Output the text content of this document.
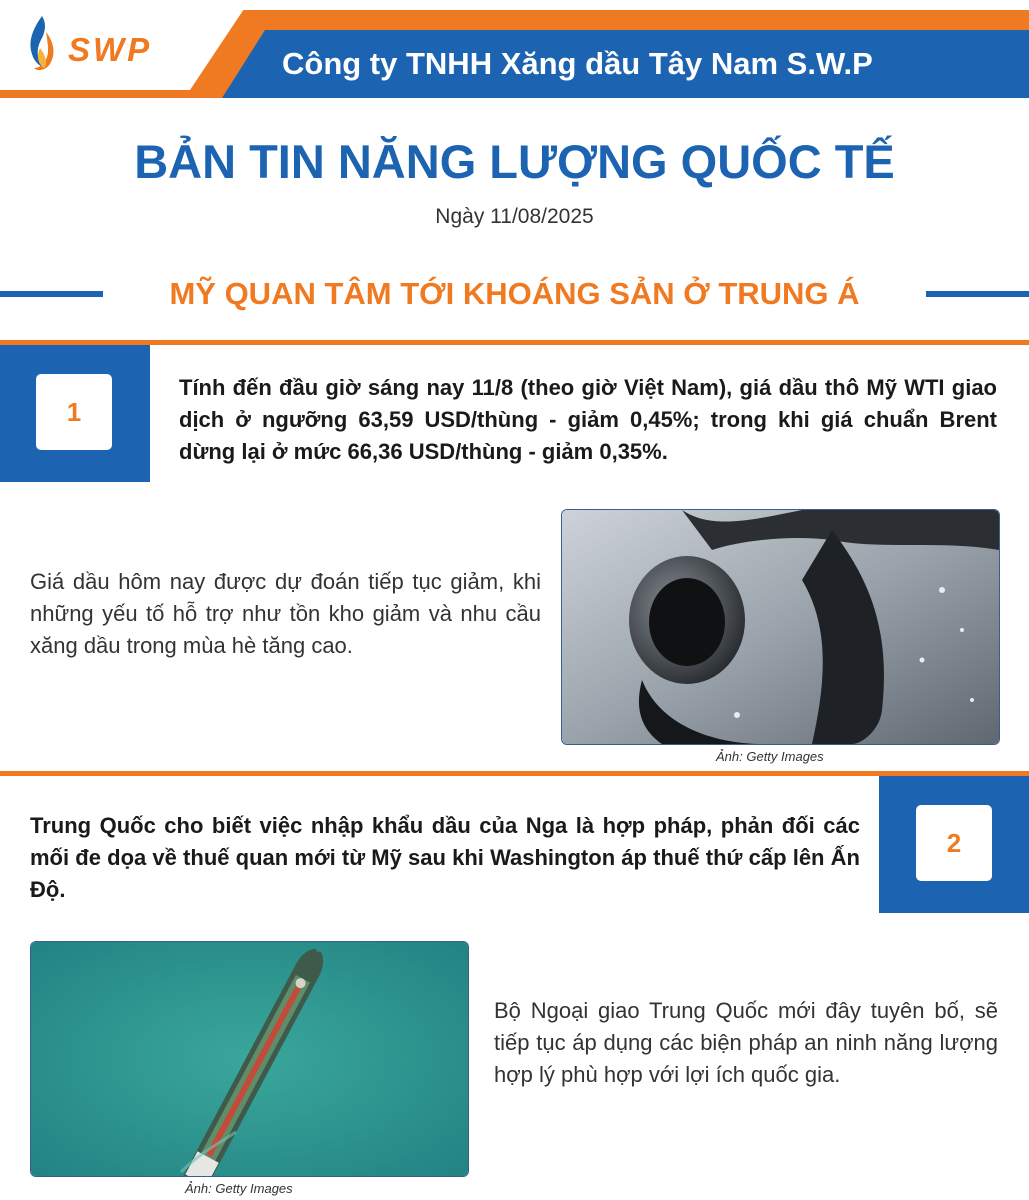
SWP	Công ty TNHH Xăng dầu Tây Nam S.W.P
BẢN TIN NĂNG LƯỢNG QUỐC TẾ
Ngày 11/08/2025
MỸ QUAN TÂM TỚI KHOÁNG SẢN Ở TRUNG Á
1
Tính đến đầu giờ sáng nay 11/8 (theo giờ Việt Nam), giá dầu thô Mỹ WTI giao dịch ở ngưỡng 63,59 USD/thùng - giảm 0,45%; trong khi giá chuẩn Brent dừng lại ở mức 66,36 USD/thùng - giảm 0,35%.
Giá dầu hôm nay được dự đoán tiếp tục giảm, khi những yếu tố hỗ trợ như tồn kho giảm và nhu cầu xăng dầu trong mùa hè tăng cao.
Ảnh: Getty Images
2
Trung Quốc cho biết việc nhập khẩu dầu của Nga là hợp pháp, phản đối các mối đe dọa về thuế quan mới từ Mỹ sau khi Washington áp thuế thứ cấp lên Ấn Độ.
Ảnh: Getty Images
Bộ Ngoại giao Trung Quốc mới đây tuyên bố, sẽ tiếp tục áp dụng các biện pháp an ninh năng lượng hợp lý phù hợp với lợi ích quốc gia.
